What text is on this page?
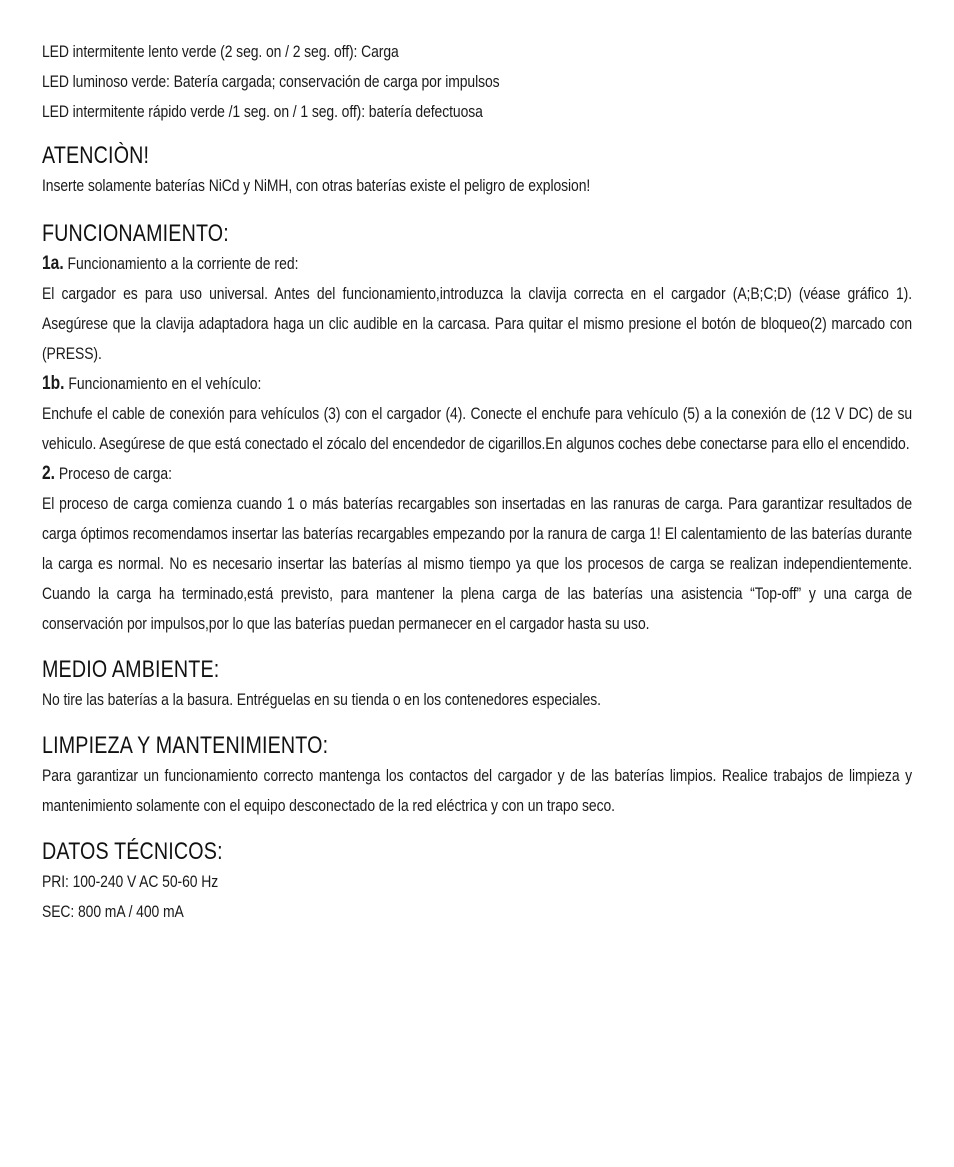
LED intermitente lento verde (2 seg. on / 2 seg. off): Carga
LED luminoso verde: Batería cargada; conservación de carga por impulsos
LED intermitente rápido verde /1 seg. on / 1 seg. off): batería defectuosa
ATENCIÒN!
Inserte solamente baterías NiCd y NiMH, con otras baterías existe el peligro de explosion!
FUNCIONAMIENTO:
1a. Funcionamiento a la corriente de red:
El cargador es para uso universal. Antes del funcionamiento,introduzca la clavija correcta en el cargador (A;B;C;D) (véase gráfico 1). Asegúrese que la clavija adaptadora haga un clic audible en la carcasa. Para quitar el mismo presione el botón de bloqueo(2) marcado con (PRESS).
1b. Funcionamiento en el vehículo:
Enchufe el cable de conexión para vehículos (3) con el cargador (4). Conecte el enchufe para vehículo (5) a la conexión de (12 V DC) de su vehiculo. Asegúrese de que está conectado el zócalo del encendedor de cigarillos.En algunos coches debe conectarse para ello el encendido.
2. Proceso de carga:
El proceso de carga comienza cuando 1 o más baterías recargables son insertadas en las ranuras de carga. Para garantizar resultados de carga óptimos recomendamos insertar las baterías recargables empezando por la ranura de carga 1! El calentamiento de las baterías durante la carga es normal. No es necesario insertar las baterías al mismo tiempo ya que los procesos de carga se realizan independientemente. Cuando la carga ha terminado,está previsto, para mantener la plena carga de las baterías una asistencia “Top-off” y una carga de conservación por impulsos,por lo que las baterías puedan permanecer en el cargador hasta su uso.
MEDIO AMBIENTE:
No tire las baterías a la basura. Entréguelas en su tienda o en los contenedores especiales.
LIMPIEZA Y MANTENIMIENTO:
Para garantizar un funcionamiento correcto mantenga los contactos del cargador y de las baterías limpios. Realice trabajos de limpieza y mantenimiento solamente con el equipo desconectado de la red eléctrica y con un trapo seco.
DATOS TÉCNICOS:
PRI: 100-240 V AC 50-60 Hz
SEC: 800 mA / 400 mA
